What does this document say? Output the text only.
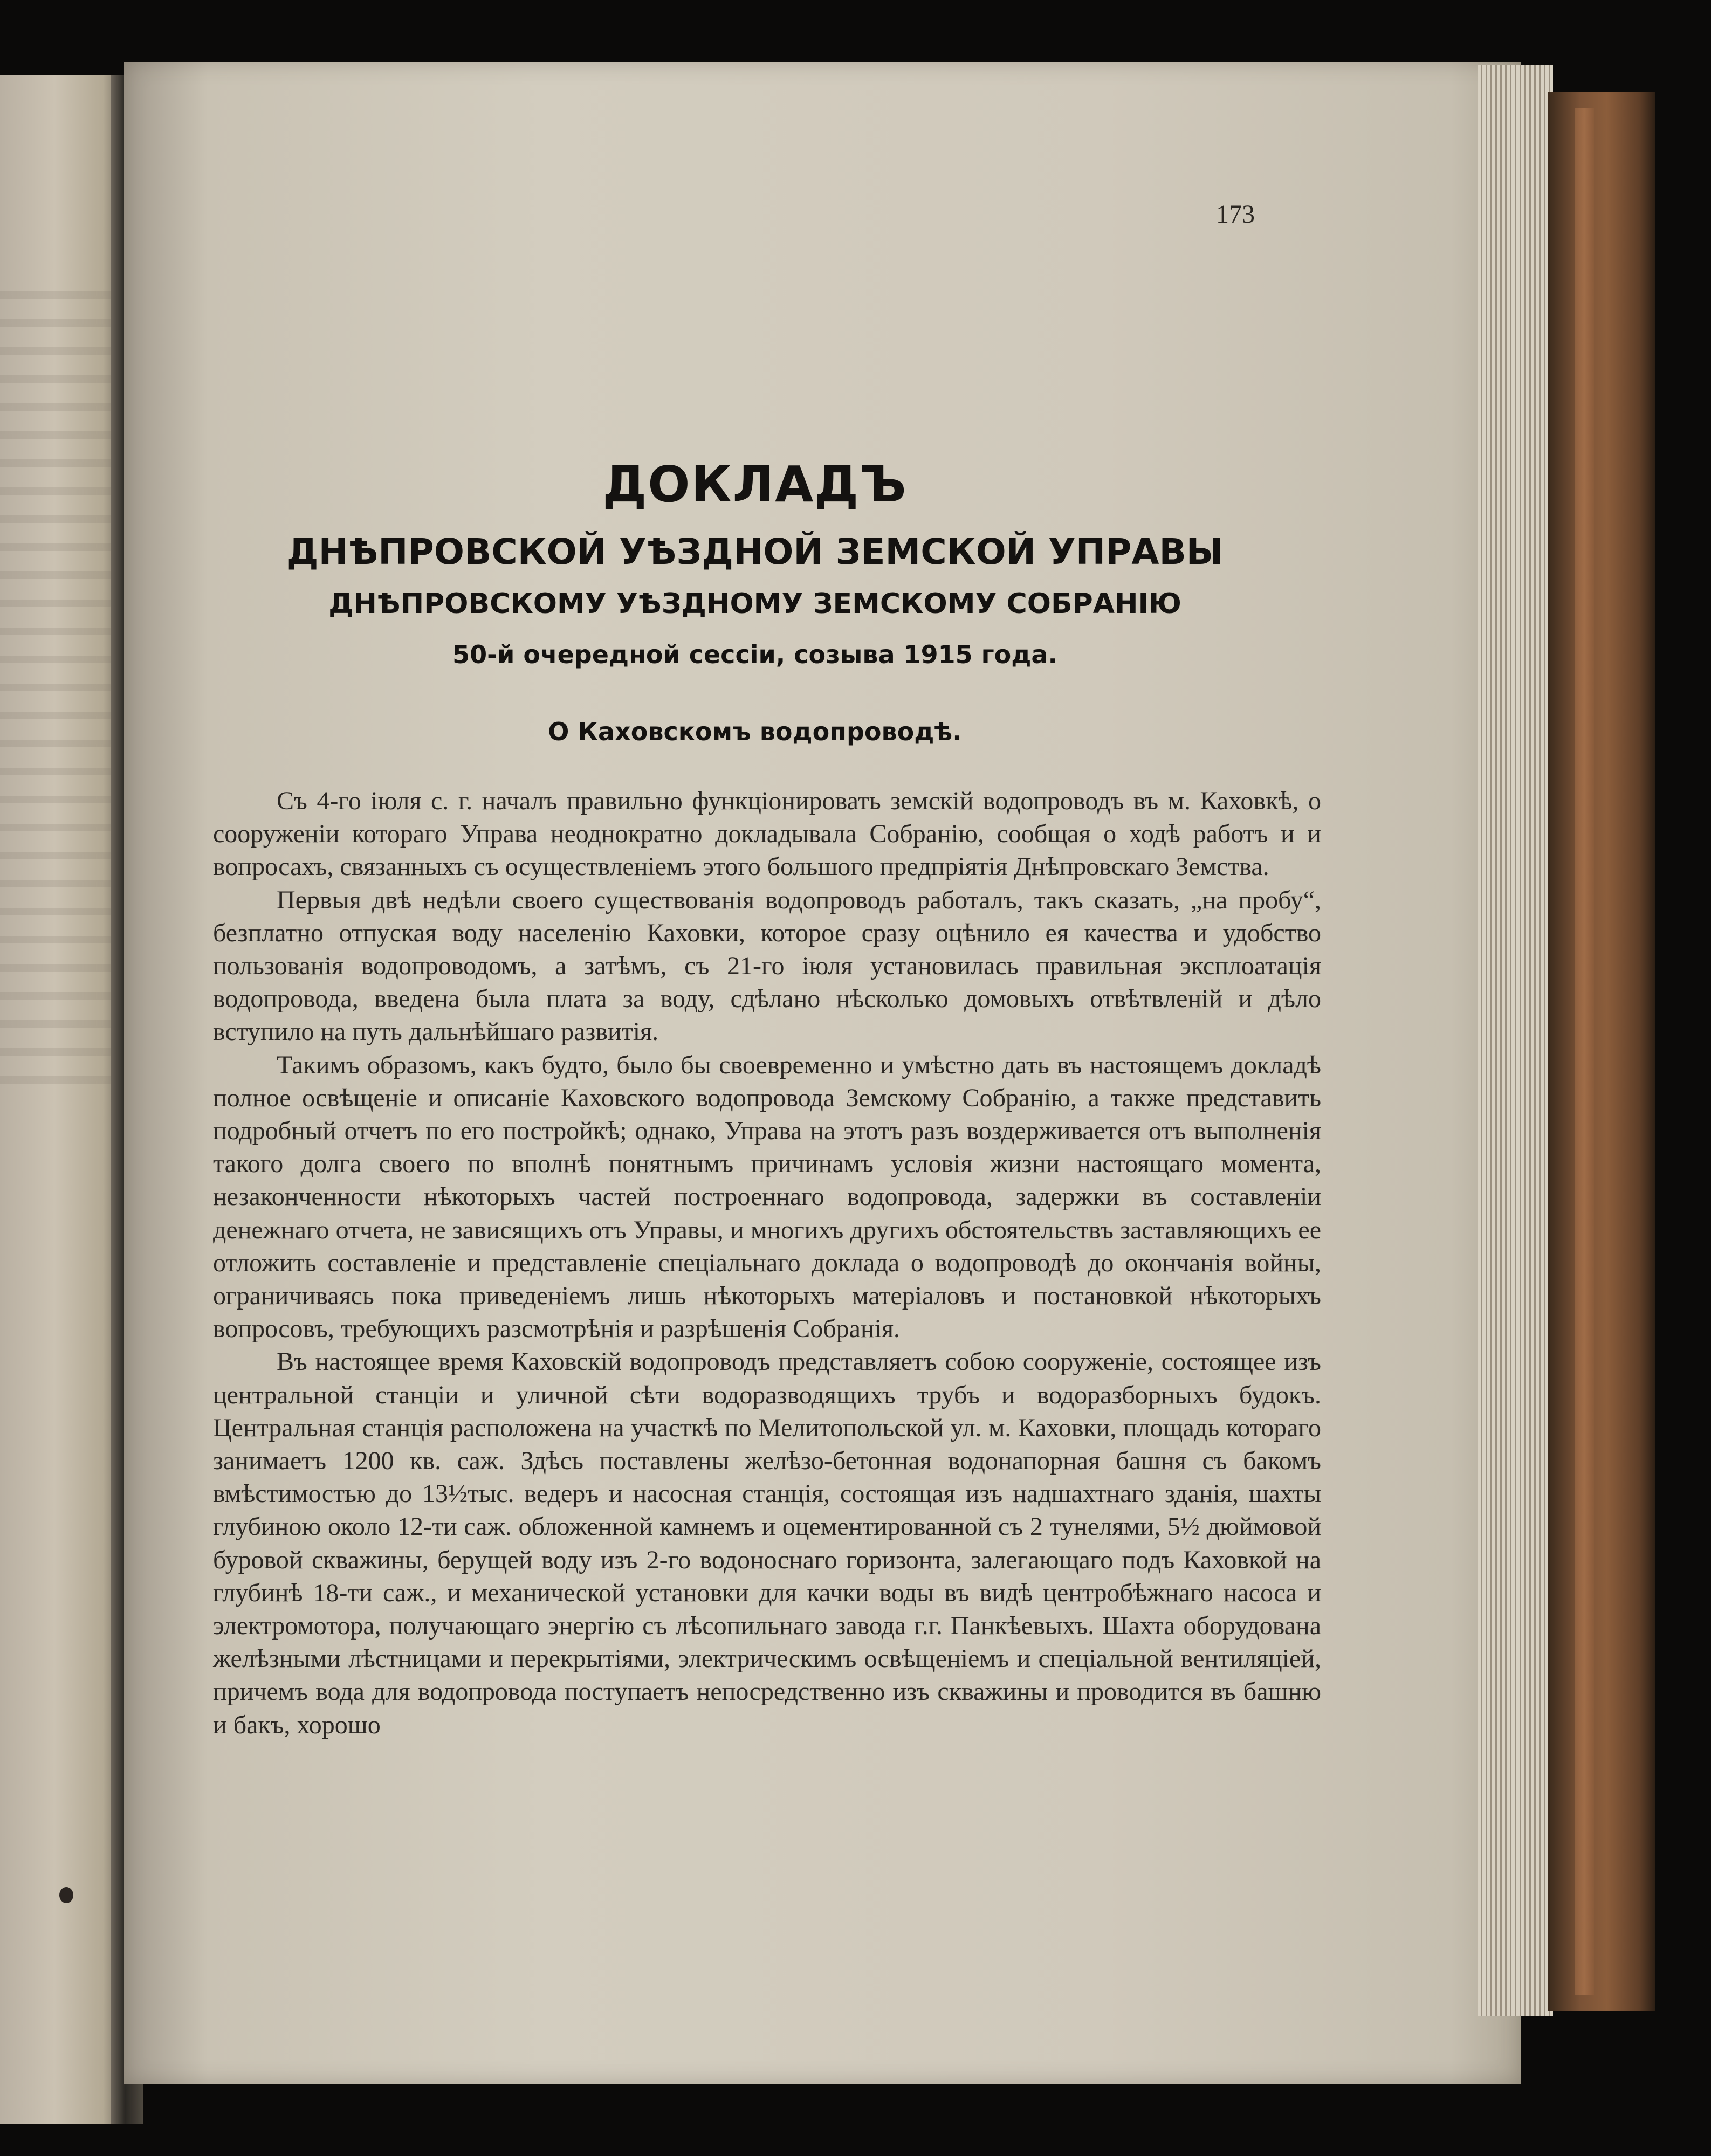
173
ДОКЛАДЪ
ДНѢПРОВСКОЙ УѢЗДНОЙ ЗЕМСКОЙ УПРАВЫ
ДНѢПРОВСКОМУ УѢЗДНОМУ ЗЕМСКОМУ СОБРАНІЮ
50-й очередной сессіи, созыва 1915 года.
О Каховскомъ водопроводѣ.

Съ 4-го іюля с. г. началъ правильно функціонировать земскій водопроводъ въ м. Каховкѣ, о сооруженіи котораго Управа неоднократно докладывала Собранію, сообщая о ходѣ работъ и и вопросахъ, связанныхъ съ осуществленіемъ этого большого предпріятія Днѣпровскаго Земства.

Первыя двѣ недѣли своего существованія водопроводъ работалъ, такъ сказать, „на пробу“, безплатно отпуская воду населенію Каховки, которое сразу оцѣнило ея качества и удобство пользованія водопроводомъ, а затѣмъ, съ 21-го іюля установилась правильная эксплоатація водопровода, введена была плата за воду, сдѣлано нѣсколько домовыхъ отвѣтвленій и дѣло вступило на путь дальнѣйшаго развитія.

Такимъ образомъ, какъ будто, было бы своевременно и умѣстно дать въ настоящемъ докладѣ полное освѣщеніе и описаніе Каховского водопровода Земскому Собранію, а также представить подробный отчетъ по его постройкѣ; однако, Управа на этотъ разъ воздерживается отъ выполненія такого долга своего по вполнѣ понятнымъ причинамъ условія жизни настоящаго момента, незаконченности нѣкоторыхъ частей построеннаго водопровода, задержки въ составленіи денежнаго отчета, не зависящихъ отъ Управы, и многихъ другихъ обстоятельствъ заставляющихъ ее отложить составленіе и представленіе спеціальнаго доклада о водопроводѣ до окончанія войны, ограничиваясь пока приведеніемъ лишь нѣкоторыхъ матеріаловъ и постановкой нѣкоторыхъ вопросовъ, требующихъ разсмотрѣнія и разрѣшенія Собранія.

Въ настоящее время Каховскій водопроводъ представляетъ собою сооруженіе, состоящее изъ центральной станціи и уличной сѣти водоразводящихъ трубъ и водоразборныхъ будокъ. Центральная станція расположена на участкѣ по Мелитопольской ул. м. Каховки, площадь котораго занимаетъ 1200 кв. саж. Здѣсь поставлены желѣзо-бетонная водонапорная башня съ бакомъ вмѣстимостью до 13½тыс. ведеръ и насосная станція, состоящая изъ надшахтнаго зданія, шахты глубиною около 12-ти саж. обложенной камнемъ и оцементированной съ 2 тунелями, 5½ дюймовой буровой скважины, берущей воду изъ 2-го водоноснаго горизонта, залегающаго подъ Каховкой на глубинѣ 18-ти саж., и механической установки для качки воды въ видѣ центробѣжнаго насоса и электромотора, получающаго энергію съ лѣсопильнаго завода г.г. Панкѣевыхъ. Шахта оборудована желѣзными лѣстницами и перекрытіями, электрическимъ освѣщеніемъ и спеціальной вентиляціей, причемъ вода для водопровода поступаетъ непосредственно изъ скважины и проводится въ башню и бакъ, хорошо
